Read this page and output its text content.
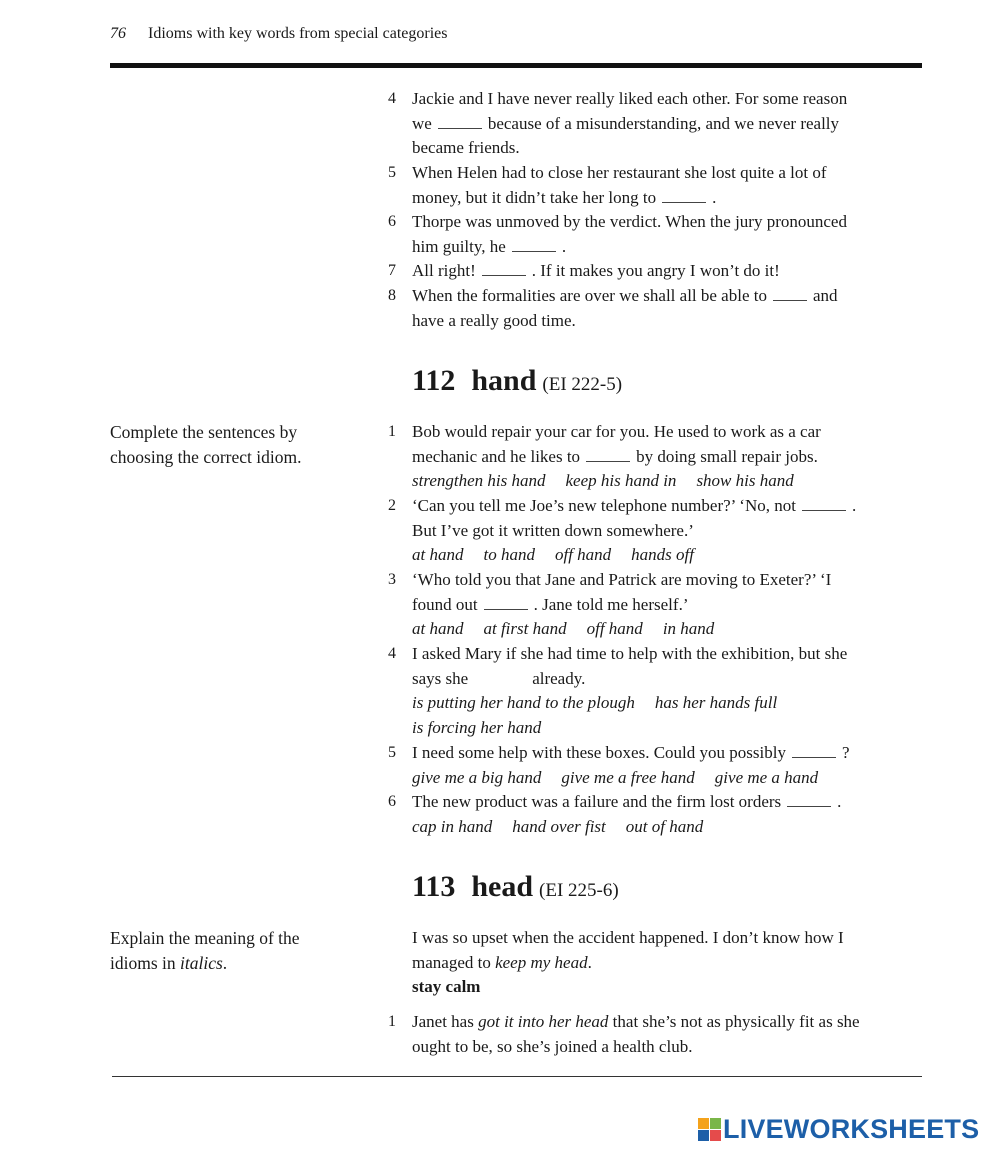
76 Idioms with key words from special categories
4 Jackie and I have never really liked each other. For some reason
we	because of a misunderstanding, and we never really
became friends.
5 When Helen had to close her restaurant she lost quite a lot of
money, but it didn’t take her long to	.
6 Thorpe was unmoved by the verdict. When the jury pronounced
him guilty, he	.
7 All right!	. If it makes you angry I won’t do it!
8 When the formalities are over we shall all be able to	and
have a really good time.
112 hand (EI 222-5)
Complete the sentences by choosing the correct idiom.
1 Bob would repair your car for you. He used to work as a car
mechanic and he likes to	by doing small repair jobs.
strengthen his hand keep his hand in show his hand
2 ‘Can you tell me Joe’s new telephone number?’ ‘No, not	.
But I’ve got it written down somewhere.’
at hand to hand off hand hands off
3 ‘Who told you that Jane and Patrick are moving to Exeter?’ ‘I
found out	. Jane told me herself.’
at hand at first hand off hand in hand
4 I asked Mary if she had time to help with the exhibition, but she
says she	already.
is putting her hand to the plough has her hands full
is forcing her hand
5 I need some help with these boxes. Could you possibly	?
give me a big hand give me a free hand give me a hand
6 The new product was a failure and the firm lost orders	.
cap in hand hand over fist out of hand
113 head (EI 225-6)
Explain the meaning of the idioms in italics.
I was so upset when the accident happened. I don’t know how I
managed to keep my head.
stay calm
1 Janet has got it into her head that she’s not as physically fit as she
ought to be, so she’s joined a health club.
LIVEWORKSHEETS
